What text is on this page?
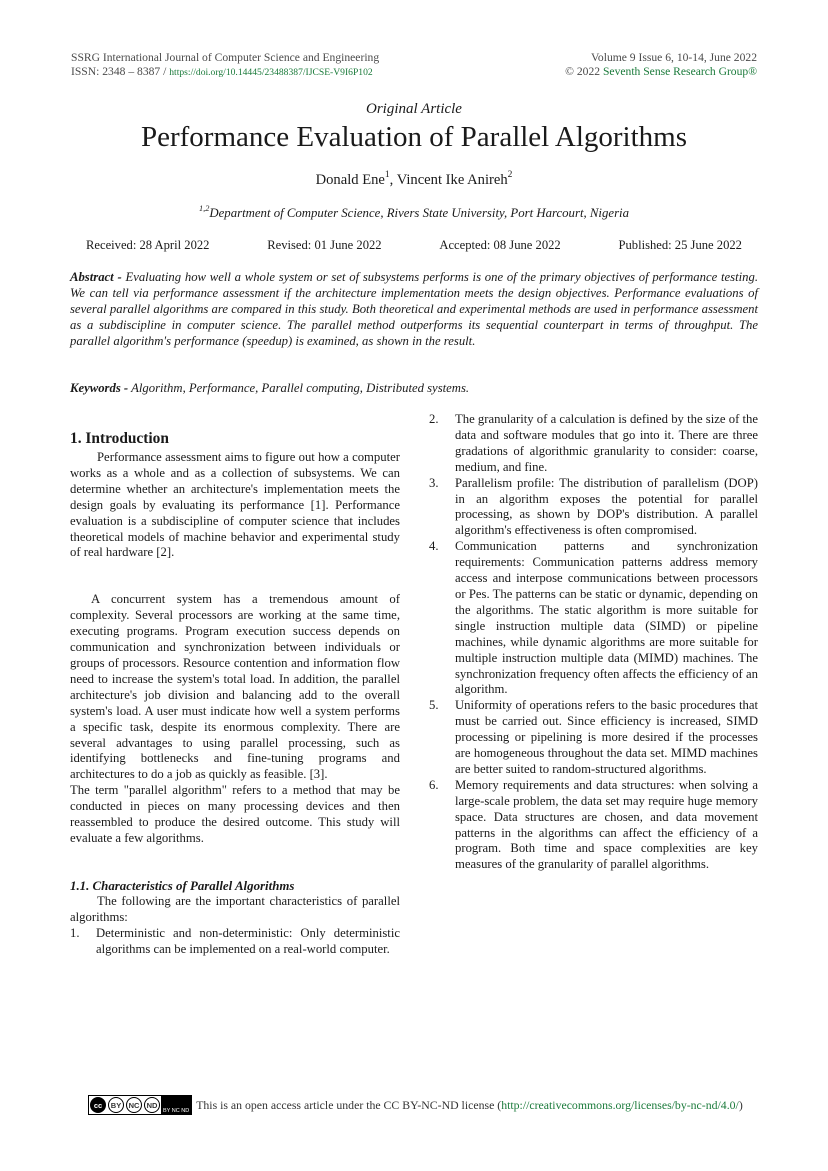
SSRG International Journal of Computer Science and Engineering
ISSN: 2348 – 8387 / https://doi.org/10.14445/23488387/IJCSE-V9I6P102
Volume 9 Issue 6, 10-14, June 2022
© 2022 Seventh Sense Research Group®
Original Article
Performance Evaluation of Parallel Algorithms
Donald Ene$^1$, Vincent Ike Anireh$^2$
$^{1,2}$Department of Computer Science, Rivers State University, Port Harcourt, Nigeria
Received: 28 April 2022	Revised: 01 June 2022	Accepted: 08 June 2022	Published: 25 June 2022
Abstract - Evaluating how well a whole system or set of subsystems performs is one of the primary objectives of performance testing. We can tell via performance assessment if the architecture implementation meets the design objectives. Performance evaluations of several parallel algorithms are compared in this study. Both theoretical and experimental methods are used in performance assessment as a subdiscipline in computer science. The parallel method outperforms its sequential counterpart in terms of throughput. The parallel algorithm's performance (speedup) is examined, as shown in the result.
Keywords - Algorithm, Performance, Parallel computing, Distributed systems.
1. Introduction

Performance assessment aims to figure out how a computer works as a whole and as a collection of subsystems. We can determine whether an architecture's implementation meets the design goals by evaluating its performance [1]. Performance evaluation is a subdiscipline of computer science that includes theoretical models of machine behavior and experimental study of real hardware [2].

A concurrent system has a tremendous amount of complexity. Several processors are working at the same time, executing programs. Program execution success depends on communication and synchronization between individuals or groups of processors. Resource contention and information flow need to increase the system's total load. In addition, the parallel architecture's job division and balancing add to the overall system's load. A user must indicate how well a system performs a specific task, despite its enormous complexity. There are several advantages to using parallel processing, such as identifying bottlenecks and fine-tuning programs and architectures to do a job as quickly as feasible. [3].

The term "parallel algorithm" refers to a method that may be conducted in pieces on many processing devices and then reassembled to produce the desired outcome. This study will evaluate a few algorithms.

1.1. Characteristics of Parallel Algorithms

The following are the important characteristics of parallel algorithms:

1. Deterministic and non-deterministic: Only deterministic algorithms can be implemented on a real-world computer.
2. The granularity of a calculation is defined by the size of the data and software modules that go into it. There are three gradations of algorithmic granularity to consider: coarse, medium, and fine.
3. Parallelism profile: The distribution of parallelism (DOP) in an algorithm exposes the potential for parallel processing, as shown by DOP's distribution. A parallel algorithm's effectiveness is often compromised.
4. Communication patterns and synchronization requirements: Communication patterns address memory access and interpose communications between processors or Pes. The patterns can be static or dynamic, depending on the algorithms. The static algorithm is more suitable for single instruction multiple data (SIMD) or pipeline machines, while dynamic algorithms are more suitable for multiple instruction multiple data (MIMD) machines. The synchronization frequency often affects the efficiency of an algorithm.
5. Uniformity of operations refers to the basic procedures that must be carried out. Since efficiency is increased, SIMD processing or pipelining is more desired if the processes are homogeneous throughout the data set. MIMD machines are better suited to random-structured algorithms.
6. Memory requirements and data structures: when solving a large-scale problem, the data set may require huge memory space. Data structures are chosen, and data movement patterns in the algorithms can affect the efficiency of a program. Both time and space complexities are key measures of the granularity of parallel algorithms.
cc	BY NC ND
BY NC ND This is an open access article under the CC BY-NC-ND license ( http://creativecommons.org/licenses/by-nc-nd/4.0/ )
